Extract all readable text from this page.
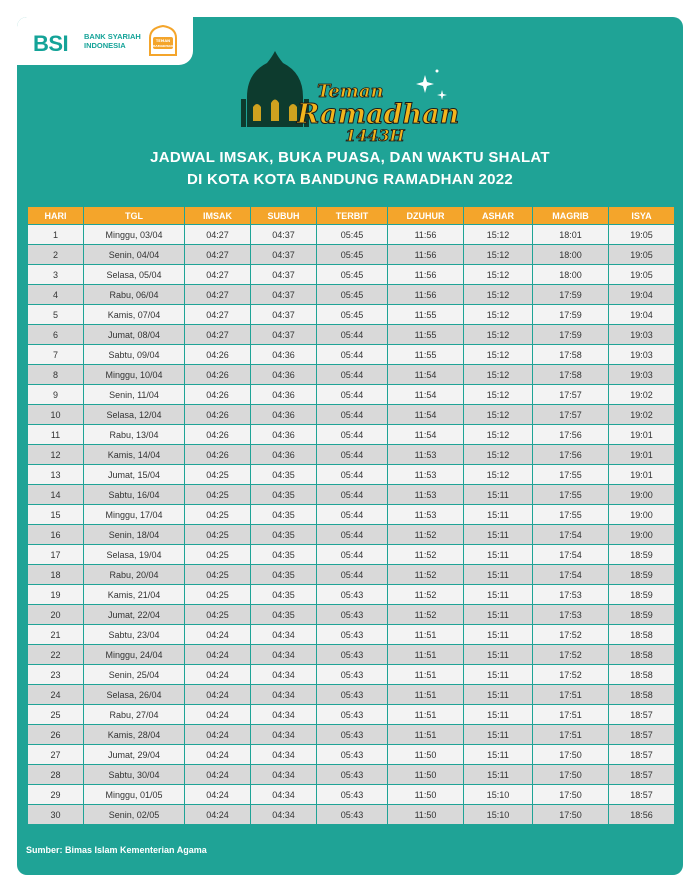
BSI BANK SYARIAH
INDONESIA	TEMAN
RAMADHAN
Teman
Ramadhan
1443H
JADWAL IMSAK, BUKA PUASA, DAN WAKTU SHALAT
DI KOTA KOTA BANDUNG RAMADHAN 2022
HARI	TGL	IMSAK	SUBUH	TERBIT	DZUHUR	ASHAR	MAGRIB	ISYA
1	Minggu, 03/04	04:27	04:37	05:45	11:56	15:12	18:01	19:05
2	Senin, 04/04	04:27	04:37	05:45	11:56	15:12	18:00	19:05
3	Selasa, 05/04	04:27	04:37	05:45	11:56	15:12	18:00	19:05
4	Rabu, 06/04	04:27	04:37	05:45	11:56	15:12	17:59	19:04
5	Kamis, 07/04	04:27	04:37	05:45	11:55	15:12	17:59	19:04
6	Jumat, 08/04	04:27	04:37	05:44	11:55	15:12	17:59	19:03
7	Sabtu, 09/04	04:26	04:36	05:44	11:55	15:12	17:58	19:03
8	Minggu, 10/04	04:26	04:36	05:44	11:54	15:12	17:58	19:03
9	Senin, 11/04	04:26	04:36	05:44	11:54	15:12	17:57	19:02
10	Selasa, 12/04	04:26	04:36	05:44	11:54	15:12	17:57	19:02
11	Rabu, 13/04	04:26	04:36	05:44	11:54	15:12	17:56	19:01
12	Kamis, 14/04	04:26	04:36	05:44	11:53	15:12	17:56	19:01
13	Jumat, 15/04	04:25	04:35	05:44	11:53	15:12	17:55	19:01
14	Sabtu, 16/04	04:25	04:35	05:44	11:53	15:11	17:55	19:00
15	Minggu, 17/04	04:25	04:35	05:44	11:53	15:11	17:55	19:00
16	Senin, 18/04	04:25	04:35	05:44	11:52	15:11	17:54	19:00
17	Selasa, 19/04	04:25	04:35	05:44	11:52	15:11	17:54	18:59
18	Rabu, 20/04	04:25	04:35	05:44	11:52	15:11	17:54	18:59
19	Kamis, 21/04	04:25	04:35	05:43	11:52	15:11	17:53	18:59
20	Jumat, 22/04	04:25	04:35	05:43	11:52	15:11	17:53	18:59
21	Sabtu, 23/04	04:24	04:34	05:43	11:51	15:11	17:52	18:58
22	Minggu, 24/04	04:24	04:34	05:43	11:51	15:11	17:52	18:58
23	Senin, 25/04	04:24	04:34	05:43	11:51	15:11	17:52	18:58
24	Selasa, 26/04	04:24	04:34	05:43	11:51	15:11	17:51	18:58
25	Rabu, 27/04	04:24	04:34	05:43	11:51	15:11	17:51	18:57
26	Kamis, 28/04	04:24	04:34	05:43	11:51	15:11	17:51	18:57
27	Jumat, 29/04	04:24	04:34	05:43	11:50	15:11	17:50	18:57
28	Sabtu, 30/04	04:24	04:34	05:43	11:50	15:11	17:50	18:57
29	Minggu, 01/05	04:24	04:34	05:43	11:50	15:10	17:50	18:57
30	Senin, 02/05	04:24	04:34	05:43	11:50	15:10	17:50	18:56
Sumber: Bimas Islam Kementerian Agama
